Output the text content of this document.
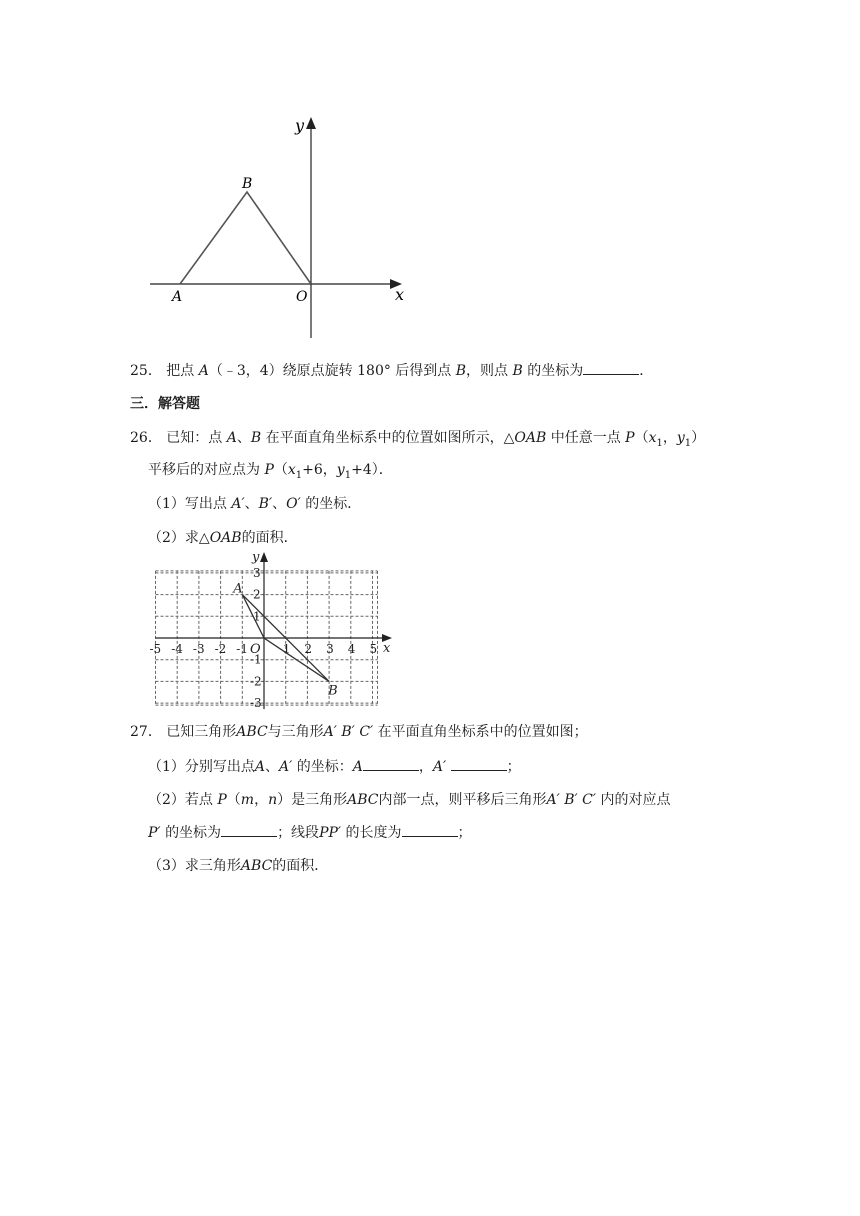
y
x
B
A	O
25． 把点 A（﹣3，4）绕原点旋转 180° 后得到点 B，则点 B 的坐标为	．
三．解答题
26． 已知：点 A、B 在平面直角坐标系中的位置如图所示，△OAB 中任意一点 $P(x_1$，$y_1$）
平移后的对应点为 $P(x_1+6$，$y_1+4$）．
（1）写出点 A′、B′、O′ 的坐标．
（2）求△OAB的面积．
-5 -4 -3 -2 -1	1 2 3 4 5
3
2
1
-1
-2
-3
O	x
y
A
B
27． 已知三角形ABC与三角形A′ B′ C′ 在平面直角坐标系中的位置如图；
（1）分别写出点A、A′ 的坐标：A	，A′	；
（2）若点 P（m，n）是三角形ABC内部一点，则平移后三角形A′ B′ C′ 内的对应点
P′ 的坐标为	；线段PP′ 的长度为	；
（3）求三角形ABC的面积．
